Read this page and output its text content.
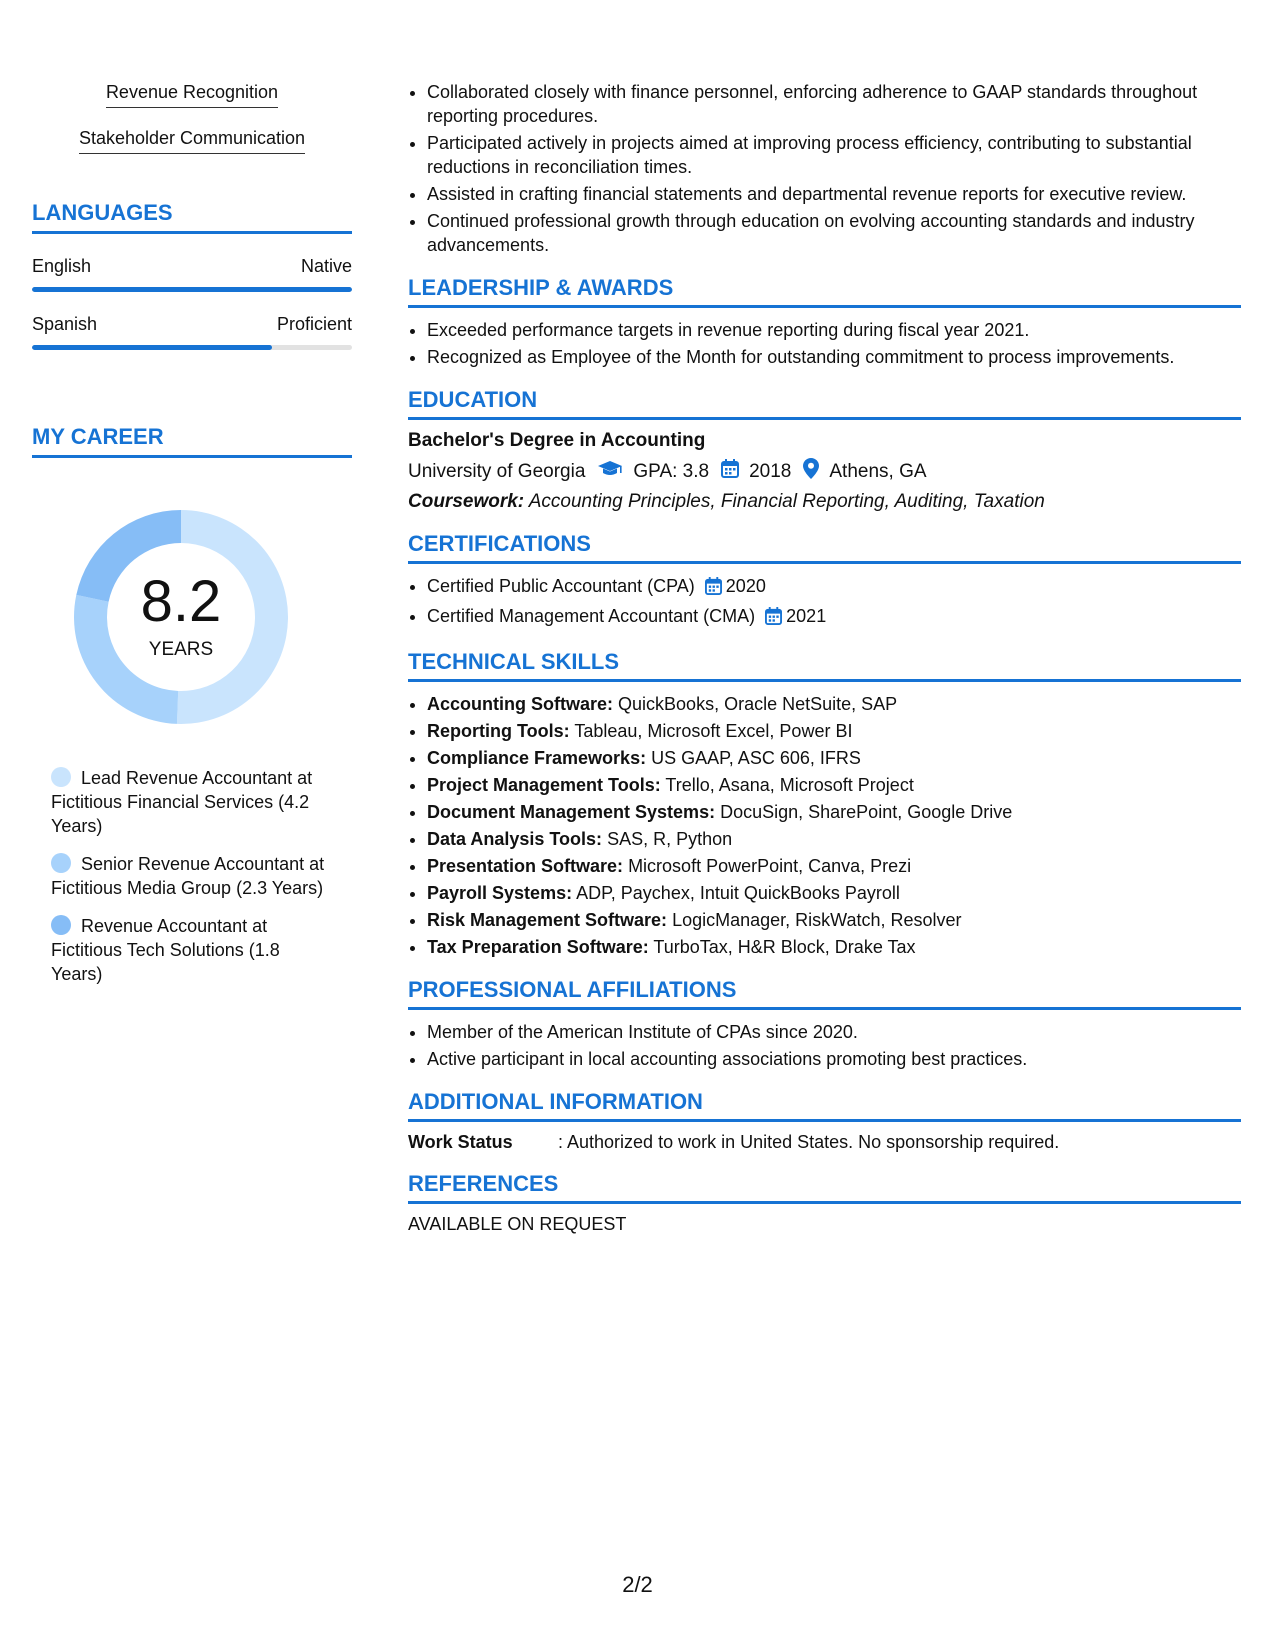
Revenue Recognition
Stakeholder Communication
LANGUAGES
English	Native
Spanish	Proficient
MY CAREER
8.2
YEARS
Lead Revenue Accountant at Fictitious Financial Services (4.2 Years)
Senior Revenue Accountant at Fictitious Media Group (2.3 Years)
Revenue Accountant at Fictitious Tech Solutions (1.8 Years)
• Collaborated closely with finance personnel, enforcing adherence to GAAP standards throughout reporting procedures.
• Participated actively in projects aimed at improving process efficiency, contributing to substantial reductions in reconciliation times.
• Assisted in crafting financial statements and departmental revenue reports for executive review.
• Continued professional growth through education on evolving accounting standards and industry advancements.
LEADERSHIP & AWARDS
• Exceeded performance targets in revenue reporting during fiscal year 2021.
• Recognized as Employee of the Month for outstanding commitment to process improvements.
EDUCATION
Bachelor's Degree in Accounting
University of Georgia	GPA: 3.8 2018 Athens, GA
Coursework: Accounting Principles, Financial Reporting, Auditing, Taxation
CERTIFICATIONS
• Certified Public Accountant (CPA) 2020
• Certified Management Accountant (CMA) 2021
TECHNICAL SKILLS
• Accounting Software: QuickBooks, Oracle NetSuite, SAP
• Reporting Tools: Tableau, Microsoft Excel, Power BI
• Compliance Frameworks: US GAAP, ASC 606, IFRS
• Project Management Tools: Trello, Asana, Microsoft Project
• Document Management Systems: DocuSign, SharePoint, Google Drive
• Data Analysis Tools: SAS, R, Python
• Presentation Software: Microsoft PowerPoint, Canva, Prezi
• Payroll Systems: ADP, Paychex, Intuit QuickBooks Payroll
• Risk Management Software: LogicManager, RiskWatch, Resolver
• Tax Preparation Software: TurboTax, H&R Block, Drake Tax
PROFESSIONAL AFFILIATIONS
• Member of the American Institute of CPAs since 2020.
• Active participant in local accounting associations promoting best practices.
ADDITIONAL INFORMATION
Work Status	: Authorized to work in United States. No sponsorship required.
REFERENCES
AVAILABLE ON REQUEST
2/2
